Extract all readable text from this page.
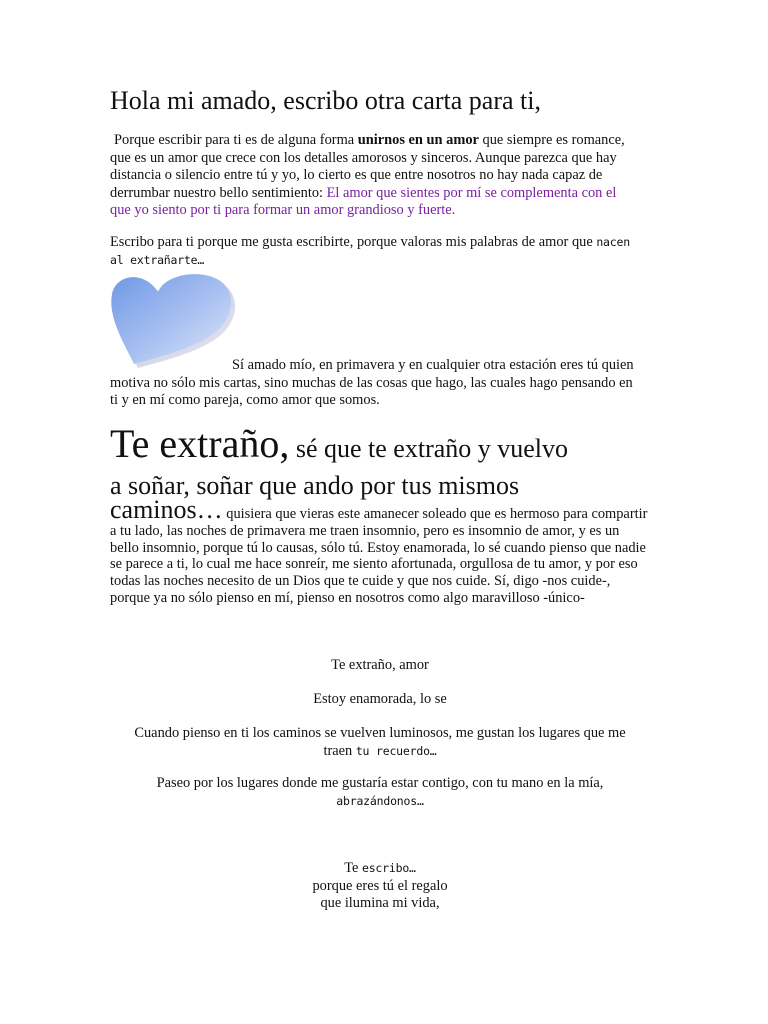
Hola mi amado, escribo otra carta para ti,

Porque escribir para ti es de alguna forma unirnos en un amor que siempre es romance, que es un amor que crece con los detalles amorosos y sinceros. Aunque parezca que hay distancia o silencio entre tú y yo, lo cierto es que entre nosotros no hay nada capaz de derrumbar nuestro bello sentimiento: El amor que sientes por mí se complementa con el que yo siento por ti para formar un amor grandioso y fuerte.

Escribo para ti porque me gusta escribirte, porque valoras mis palabras de amor que nacen al extrañarte…

Sí amado mío, en primavera y en cualquier otra estación eres tú quien motiva no sólo mis cartas, sino muchas de las cosas que hago, las cuales hago pensando en ti y en mí como pareja, como amor que somos.

Te extraño, sé que te extraño y vuelvo
a soñar, soñar que ando por tus mismos
caminos… quisiera que vieras este amanecer soleado que es hermoso para compartir a tu lado, las noches de primavera me traen insomnio, pero es insomnio de amor, y es un bello insomnio, porque tú lo causas, sólo tú. Estoy enamorada, lo sé cuando pienso que nadie se parece a ti, lo cual me hace sonreír, me siento afortunada, orgullosa de tu amor, y por eso todas las noches necesito de un Dios que te cuide y que nos cuide. Sí, digo -nos cuide-, porque ya no sólo pienso en mí, pienso en nosotros como algo maravilloso -único-

Te extraño, amor

Estoy enamorada, lo se

Cuando pienso en ti los caminos se vuelven luminosos, me gustan los lugares que me
traen tu recuerdo…

Paseo por los lugares donde me gustaría estar contigo, con tu mano en la mía,
abrazándonos…

Te escribo…
porque eres tú el regalo
que ilumina mi vida,
